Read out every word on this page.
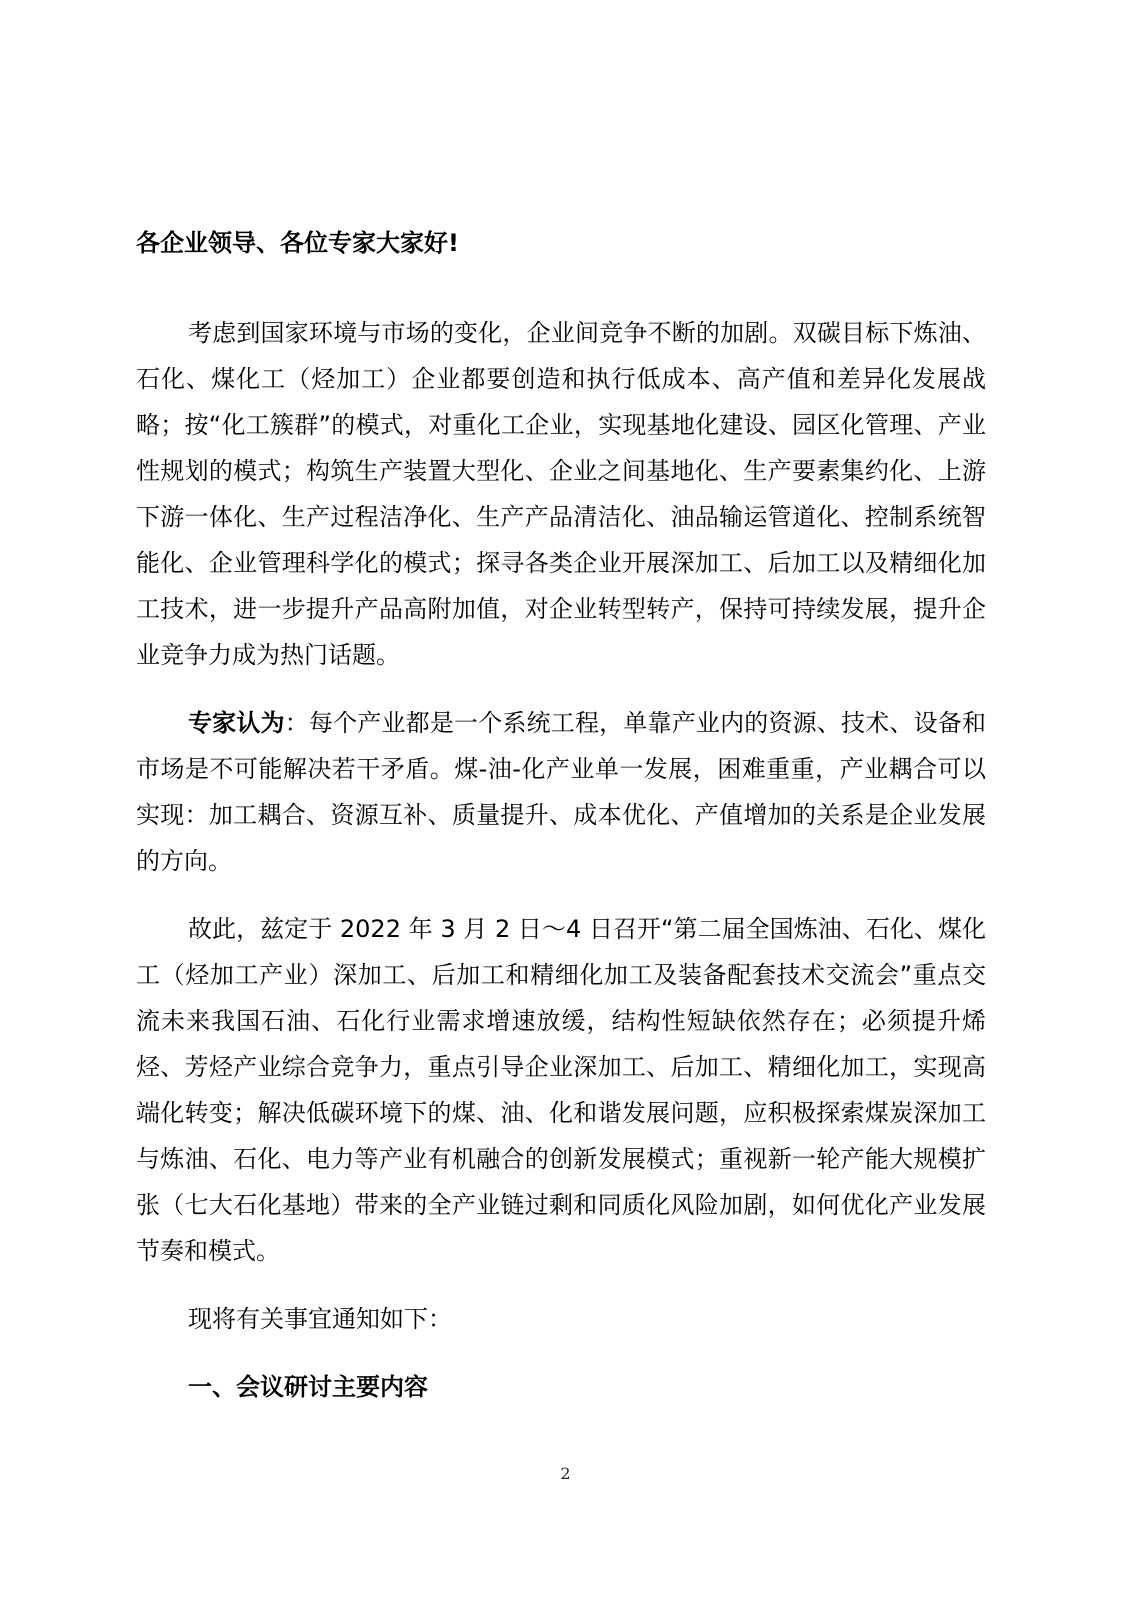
各企业领导、各位专家大家好!

考虑到国家环境与市场的变化，企业间竞争不断的加剧。双碳目标下炼油、石化、煤化工（烃加工）企业都要创造和执行低成本、高产值和差异化发展战略；按“化工簇群”的模式，对重化工企业，实现基地化建设、园区化管理、产业性规划的模式；构筑生产装置大型化、企业之间基地化、生产要素集约化、上游下游一体化、生产过程洁净化、生产产品清洁化、油品输运管道化、控制系统智能化、企业管理科学化的模式；探寻各类企业开展深加工、后加工以及精细化加工技术，进一步提升产品高附加值，对企业转型转产，保持可持续发展，提升企业竞争力成为热门话题。

专家认为：每个产业都是一个系统工程，单靠产业内的资源、技术、设备和市场是不可能解决若干矛盾。煤-油-化产业单一发展，困难重重，产业耦合可以实现：加工耦合、资源互补、质量提升、成本优化、产值增加的关系是企业发展的方向。

故此，兹定于 2022 年 3 月 2 日～4 日召开“第二届全国炼油、石化、煤化工（烃加工产业）深加工、后加工和精细化加工及装备配套技术交流会”重点交流未来我国石油、石化行业需求增速放缓，结构性短缺依然存在；必须提升烯烃、芳烃产业综合竞争力，重点引导企业深加工、后加工、精细化加工，实现高端化转变；解决低碳环境下的煤、油、化和谐发展问题，应积极探索煤炭深加工与炼油、石化、电力等产业有机融合的创新发展模式；重视新一轮产能大规模扩张（七大石化基地）带来的全产业链过剩和同质化风险加剧，如何优化产业发展节奏和模式。

现将有关事宜通知如下：

一、会议研讨主要内容

2
